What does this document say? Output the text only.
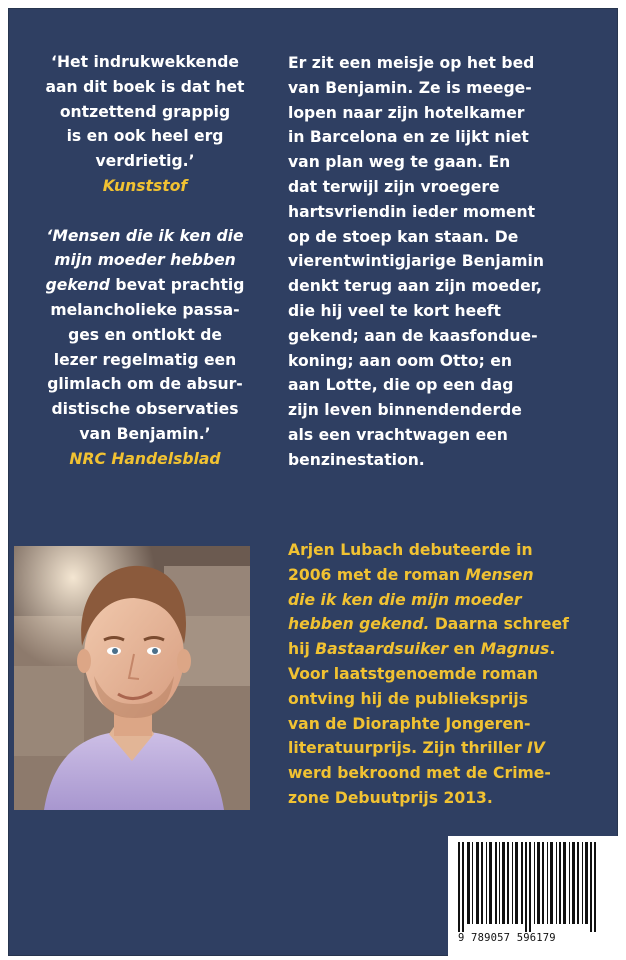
‘Het indrukwekkende
aan dit boek is dat het
ontzettend grappig
is en ook heel erg
verdrietig.’
Kunststof
‘Mensen die ik ken die
mijn moeder hebben
gekend bevat prachtig
melancholieke passa-
ges en ontlokt de
lezer regelmatig een
glimlach om de absur-
distische observaties
van Benjamin.’
NRC Handelsblad
Er zit een meisje op het bed
van Benjamin. Ze is meege-
lopen naar zijn hotelkamer
in Barcelona en ze lijkt niet
van plan weg te gaan. En
dat terwijl zijn vroegere
hartsvriendin ieder moment
op de stoep kan staan. De
vierentwintigjarige Benjamin
denkt terug aan zijn moeder,
die hij veel te kort heeft
gekend; aan de kaasfondue-
koning; aan oom Otto; en
aan Lotte, die op een dag
zijn leven binnendenderde
als een vrachtwagen een
benzinestation.
Arjen Lubach debuteerde in
2006 met de roman Mensen
die ik ken die mijn moeder
hebben gekend. Daarna schreef
hij Bastaardsuiker en Magnus.
Voor laatstgenoemde roman
ontving hij de publieksprijs
van de Dioraphte Jongeren-
literatuurprijs. Zijn thriller IV
werd bekroond met de Crime-
zone Debuutprijs 2013.
9 789057 596179
